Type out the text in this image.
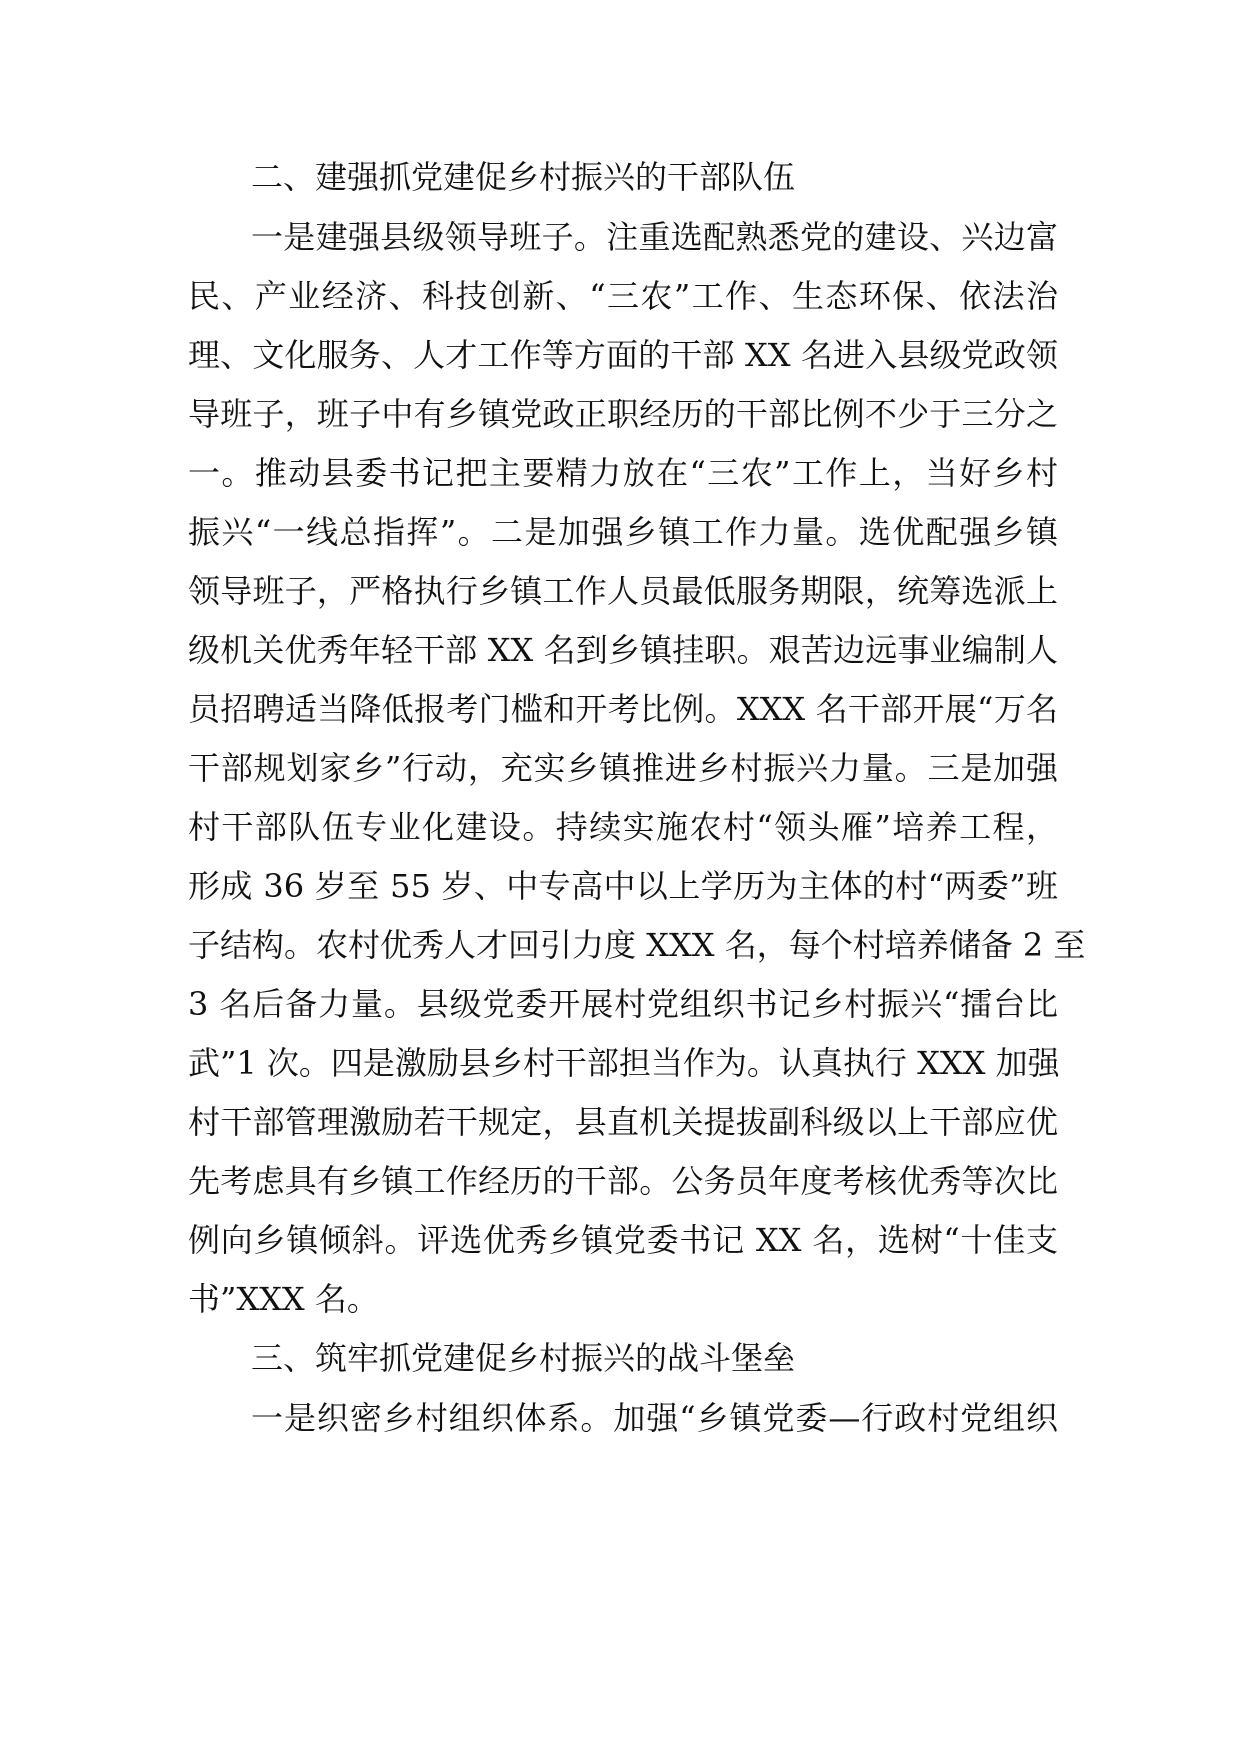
二、建强抓党建促乡村振兴的干部队伍
一是建强县级领导班子。注重选配熟悉党的建设、兴边富
民、产业经济、科技创新、“三农”工作、生态环保、依法治
理、文化服务、人才工作等方面的干部 XX 名进入县级党政领
导班子，班子中有乡镇党政正职经历的干部比例不少于三分之
一。推动县委书记把主要精力放在“三农”工作上，当好乡村
振兴“一线总指挥”。二是加强乡镇工作力量。选优配强乡镇
领导班子，严格执行乡镇工作人员最低服务期限，统筹选派上
级机关优秀年轻干部 XX 名到乡镇挂职。艰苦边远事业编制人
员招聘适当降低报考门槛和开考比例。XXX 名干部开展“万名
干部规划家乡”行动，充实乡镇推进乡村振兴力量。三是加强
村干部队伍专业化建设。持续实施农村“领头雁”培养工程，
形成 36 岁至 55 岁、中专高中以上学历为主体的村“两委”班
子结构。农村优秀人才回引力度 XXX 名，每个村培养储备 2 至
3 名后备力量。县级党委开展村党组织书记乡村振兴“擂台比
武”1 次。四是激励县乡村干部担当作为。认真执行 XXX 加强
村干部管理激励若干规定，县直机关提拔副科级以上干部应优
先考虑具有乡镇工作经历的干部。公务员年度考核优秀等次比
例向乡镇倾斜。评选优秀乡镇党委书记 XX 名，选树“十佳支
书”XXX 名。
三、筑牢抓党建促乡村振兴的战斗堡垒
一是织密乡村组织体系。加强“乡镇党委—行政村党组织
